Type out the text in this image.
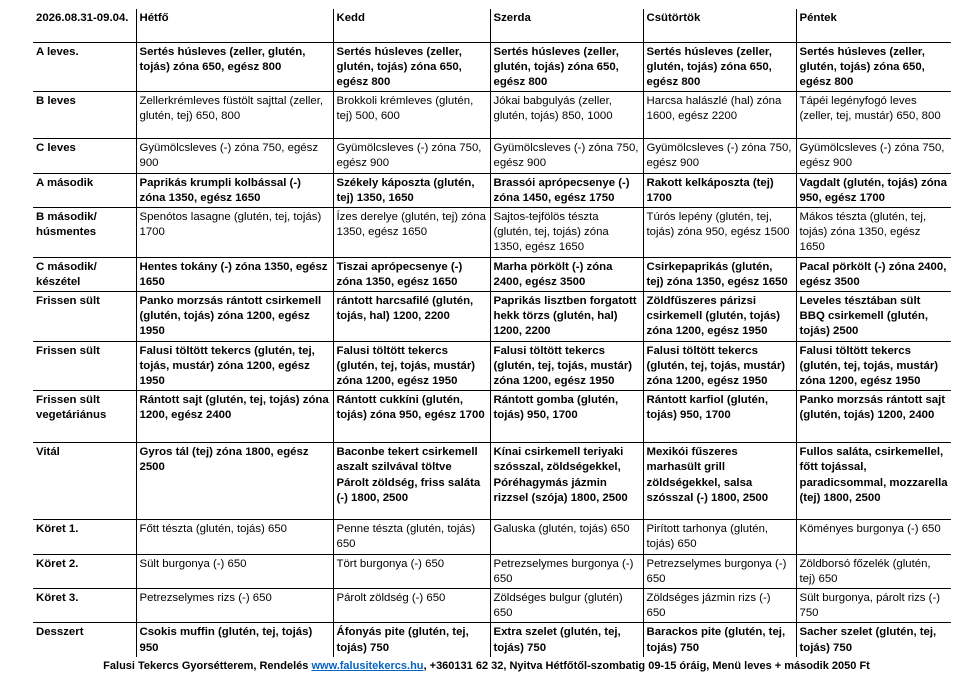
2026.08.31-09.04.	Hétfő	Kedd	Szerda	Csütörtök	Péntek
A leves.	Sertés húsleves (zeller, glutén, tojás) zóna 650, egész 800	Sertés húsleves (zeller, glutén, tojás) zóna 650, egész 800	Sertés húsleves (zeller, glutén, tojás) zóna 650, egész 800	Sertés húsleves (zeller, glutén, tojás) zóna 650, egész 800	Sertés húsleves (zeller, glutén, tojás) zóna 650, egész 800
B leves	Zellerkrémleves füstölt sajttal (zeller, glutén, tej) 650, 800	Brokkoli krémleves (glutén, tej) 500, 600	Jókai babgulyás (zeller, glutén, tojás) 850, 1000	Harcsa halászlé (hal) zóna 1600, egész 2200	Tápéi legényfogó leves (zeller, tej, mustár) 650, 800
C leves	Gyümölcsleves (-) zóna 750, egész 900	Gyümölcsleves (-) zóna 750, egész 900	Gyümölcsleves (-) zóna 750, egész 900	Gyümölcsleves (-) zóna 750, egész 900	Gyümölcsleves (-) zóna 750, egész 900
A második	Paprikás krumpli kolbással (-) zóna 1350, egész 1650	Székely káposzta (glutén, tej) 1350, 1650	Brassói aprópecsenye (-) zóna 1450, egész 1750	Rakott kelkáposzta (tej) 1700	Vagdalt (glutén, tojás) zóna 950, egész 1700
B második/ húsmentes	Spenótos lasagne (glutén, tej, tojás) 1700	Ízes derelye (glutén, tej) zóna 1350, egész 1650	Sajtos-tejfölös tészta (glutén, tej, tojás) zóna 1350, egész 1650	Túrós lepény (glutén, tej, tojás) zóna 950, egész 1500	Mákos tészta (glutén, tej, tojás) zóna 1350, egész 1650
C második/ készétel	Hentes tokány (-) zóna 1350, egész 1650	Tiszai aprópecsenye (-) zóna 1350, egész 1650	Marha pörkölt (-) zóna 2400, egész 3500	Csirkepaprikás (glutén, tej) zóna 1350, egész 1650	Pacal pörkölt (-) zóna 2400, egész 3500
Frissen sült	Panko morzsás rántott csirkemell (glutén, tojás) zóna 1200, egész 1950	rántott harcsafilé (glutén, tojás, hal) 1200, 2200	Paprikás lisztben forgatott hekk törzs (glutén, hal) 1200, 2200	Zöldfűszeres párizsi csirkemell (glutén, tojás) zóna 1200, egész 1950	Leveles tésztában sült BBQ csirkemell (glutén, tojás) 2500
Frissen sült	Falusi töltött tekercs (glutén, tej, tojás, mustár) zóna 1200, egész 1950	Falusi töltött tekercs (glutén, tej, tojás, mustár) zóna 1200, egész 1950	Falusi töltött tekercs (glutén, tej, tojás, mustár) zóna 1200, egész 1950	Falusi töltött tekercs (glutén, tej, tojás, mustár) zóna 1200, egész 1950	Falusi töltött tekercs (glutén, tej, tojás, mustár) zóna 1200, egész 1950
Frissen sült vegetáriánus	Rántott sajt (glutén, tej, tojás) zóna 1200, egész 2400	Rántott cukkíni (glutén, tojás) zóna 950, egész 1700	Rántott gomba (glutén, tojás) 950, 1700	Rántott karfiol (glutén, tojás) 950, 1700	Panko morzsás rántott sajt (glutén, tojás) 1200, 2400
Vitál	Gyros tál (tej) zóna 1800, egész 2500	Baconbe tekert csirkemell aszalt szilvával töltve Párolt zöldség, friss saláta (-) 1800, 2500	Kínai csirkemell teriyaki szósszal, zöldségekkel, Póréhagymás jázmin rizzsel (szója) 1800, 2500	Mexikói fűszeres marhasült grill zöldségekkel, salsa szósszal (-) 1800, 2500	Fullos saláta, csirkemellel, főtt tojással, paradicsommal, mozzarella (tej) 1800, 2500
Köret 1.	Főtt tészta (glutén, tojás) 650	Penne tészta (glutén, tojás) 650	Galuska (glutén, tojás) 650	Pirított tarhonya (glutén, tojás) 650	Köményes burgonya (-) 650
Köret 2.	Sült burgonya (-) 650	Tört burgonya (-) 650	Petrezselymes burgonya (-) 650	Petrezselymes burgonya (-) 650	Zöldborsó főzelék (glutén, tej) 650
Köret 3.	Petrezselymes rizs (-) 650	Párolt zöldség (-) 650	Zöldséges bulgur (glutén) 650	Zöldséges jázmin rizs (-) 650	Sült burgonya, párolt rizs (-) 750
Desszert	Csokis muffin (glutén, tej, tojás) 950	Áfonyás pite (glutén, tej, tojás) 750	Extra szelet (glutén, tej, tojás) 750	Barackos pite (glutén, tej, tojás) 750	Sacher szelet (glutén, tej, tojás) 750
Falusi Tekercs Gyorsétterem, Rendelés www.falusitekercs.hu, +360131 62 32, Nyitva Hétfőtől-szombatig 09-15 óráig, Menü leves + második 2050 Ft
